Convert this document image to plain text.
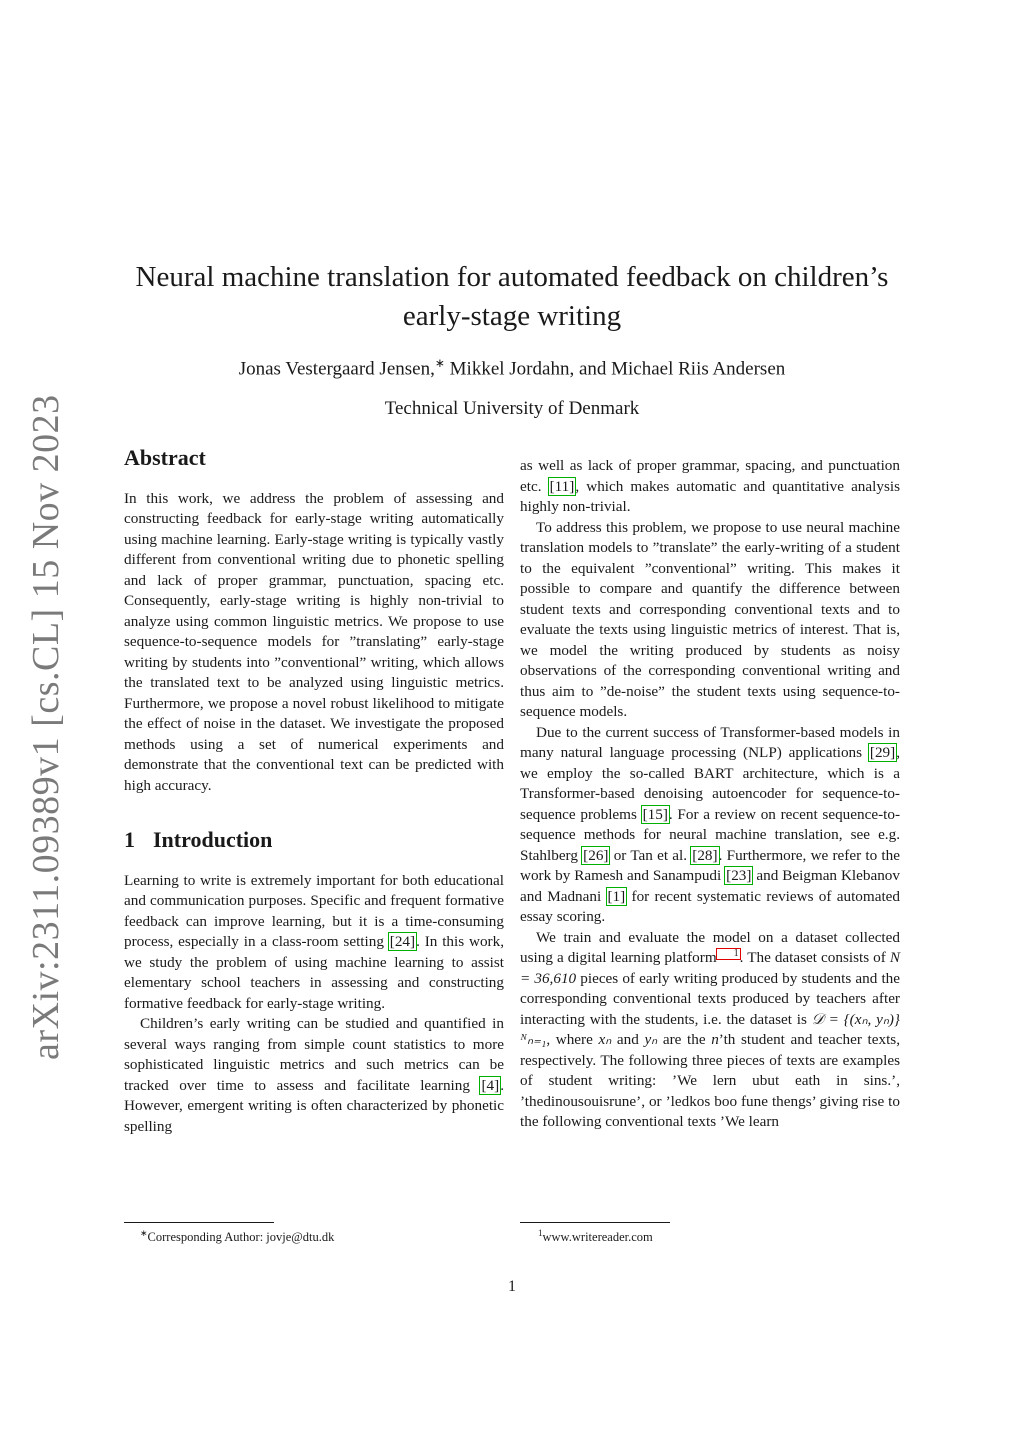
arXiv:2311.09389v1 [cs.CL] 15 Nov 2023
Neural machine translation for automated feedback on children’s early-stage writing
Jonas Vestergaard Jensen,∗ Mikkel Jordahn, and Michael Riis Andersen
Technical University of Denmark
Abstract

In this work, we address the problem of assessing and constructing feedback for early-stage writing automatically using machine learning. Early-stage writing is typically vastly different from conventional writing due to phonetic spelling and lack of proper grammar, punctuation, spacing etc. Consequently, early-stage writing is highly non-trivial to analyze using common linguistic metrics. We propose to use sequence-to-sequence models for ”translating” early-stage writing by students into ”conventional” writing, which allows the translated text to be analyzed using linguistic metrics. Furthermore, we propose a novel robust likelihood to mitigate the effect of noise in the dataset. We investigate the proposed methods using a set of numerical experiments and demonstrate that the conventional text can be predicted with high accuracy.

1 Introduction

Learning to write is extremely important for both educational and communication purposes. Specific and frequent formative feedback can improve learning, but it is a time-consuming process, especially in a class-room setting [24]. In this work, we study the problem of using machine learning to assist elementary school teachers in assessing and constructing formative feedback for early-stage writing.

Children’s early writing can be studied and quantified in several ways ranging from simple count statistics to more sophisticated linguistic metrics and such metrics can be tracked over time to assess and facilitate learning [4]. However, emergent writing is often characterized by phonetic spelling

as well as lack of proper grammar, spacing, and punctuation etc. [11], which makes automatic and quantitative analysis highly non-trivial.

To address this problem, we propose to use neural machine translation models to ”translate” the early-writing of a student to the equivalent ”conventional” writing. This makes it possible to compare and quantify the difference between student texts and corresponding conventional texts and to evaluate the texts using linguistic metrics of interest. That is, we model the writing produced by students as noisy observations of the corresponding conventional writing and thus aim to ”de-noise” the student texts using sequence-to-sequence models.

Due to the current success of Transformer-based models in many natural language processing (NLP) applications [29], we employ the so-called BART architecture, which is a Transformer-based denoising autoencoder for sequence-to-sequence problems [15]. For a review on recent sequence-to-sequence methods for neural machine translation, see e.g. Stahlberg [26] or Tan et al. [28]. Furthermore, we refer to the work by Ramesh and Sanampudi [23] and Beigman Klebanov and Madnani [1] for recent systematic reviews of automated essay scoring.

We train and evaluate the model on a dataset collected using a digital learning platform 1. The dataset consists of N = 36,610 pieces of early writing produced by students and the corresponding conventional texts produced by teachers after interacting with the students, i.e. the dataset is 𝒟 = {(xₙ, yₙ)}ᴺₙ₌₁, where xₙ and yₙ are the n’th student and teacher texts, respectively. The following three pieces of texts are examples of student writing: ’We lern ubut eath in sins.’, ’thedinousouisrune’, or ’ledkos boo fune thengs’ giving rise to the following conventional texts ’We learn

∗Corresponding Author: jovje@dtu.dk	$^1$www.writereader.com
1
